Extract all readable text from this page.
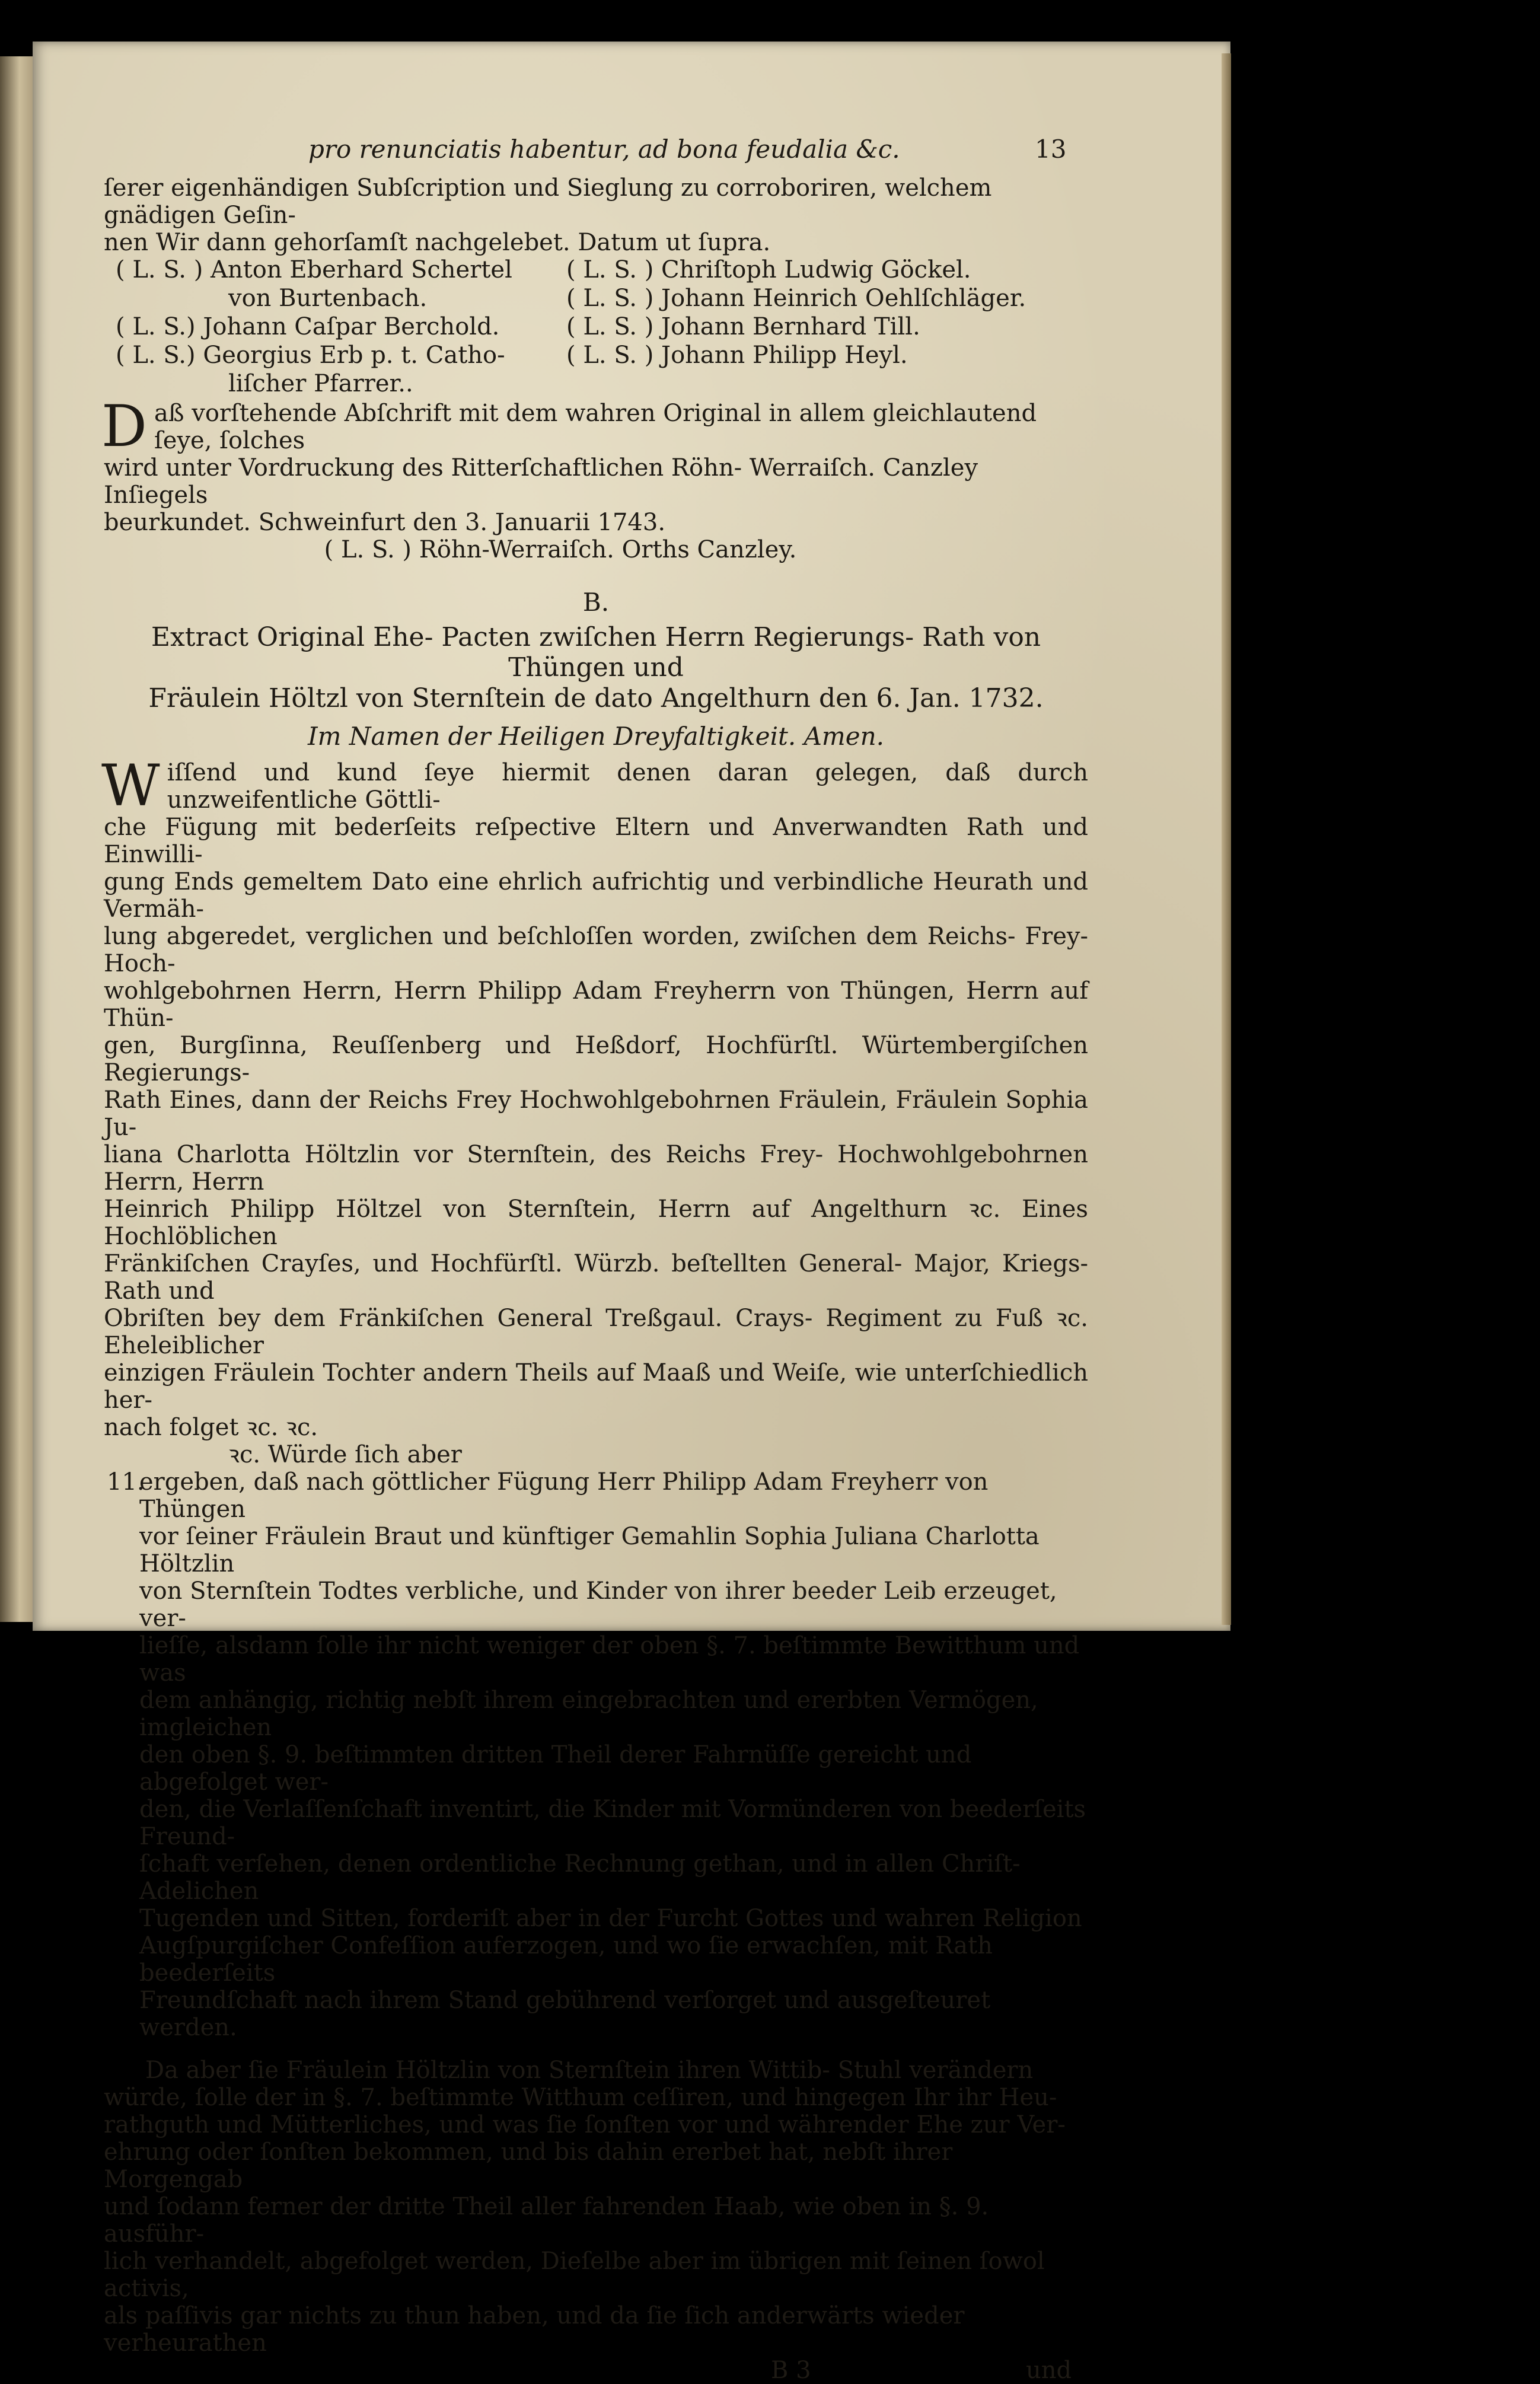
pro renunciatis habentur, ad bona feudalia &c.	13

ſerer eigenhändigen Subſcription und Sieglung zu corroboriren, welchem gnädigen Geſin-

nen Wir dann gehorſamſt nachgelebet. Datum ut ſupra.

( L. S. ) Anton Eberhard Schertel	( L. S. ) Chriſtoph Ludwig Göckel.
von Burtenbach.	( L. S. ) Johann Heinrich Oehlſchläger.
( L. S.) Johann Caſpar Berchold.	( L. S. ) Johann Bernhard Till.
( L. S.) Georgius Erb p. t. Catho-	( L. S. ) Johann Philipp Heyl.
liſcher Pfarrer..
D aß vorſtehende Abſchrift mit dem wahren Original in allem gleichlautend ſeye, ſolches

wird unter Vordruckung des Ritterſchaftlichen Röhn- Werraiſch. Canzley Inſiegels

beurkundet. Schweinfurt den 3. Januarii 1743.

( L. S. ) Röhn-Werraiſch. Orths Canzley.

B.

Extract Original Ehe- Pacten zwiſchen Herrn Regierungs- Rath von Thüngen und

Fräulein Höltzl von Sternſtein de dato Angelthurn den 6. Jan. 1732.

Im Namen der Heiligen Dreyfaltigkeit. Amen.

W iſſend und kund ſeye hiermit denen daran gelegen, daß durch unzweifentliche Göttli-

che Fügung mit bederſeits reſpective Eltern und Anverwandten Rath und Einwilli-

gung Ends gemeltem Dato eine ehrlich aufrichtig und verbindliche Heurath und Vermäh-

lung abgeredet, verglichen und beſchloſſen worden, zwiſchen dem Reichs- Frey- Hoch-

wohlgebohrnen Herrn, Herrn Philipp Adam Freyherrn von Thüngen, Herrn auf Thün-

gen, Burgſinna, Reuſſenberg und Heßdorf, Hochfürſtl. Würtembergiſchen Regierungs-

Rath Eines, dann der Reichs Frey Hochwohlgebohrnen Fräulein, Fräulein Sophia Ju-

liana Charlotta Höltzlin vor Sternſtein, des Reichs Frey- Hochwohlgebohrnen Herrn, Herrn

Heinrich Philipp Höltzel von Sternſtein, Herrn auf Angelthurn ꝛc. Eines Hochlöblichen

Fränkiſchen Crayſes, und Hochfürſtl. Würzb. beſtellten General- Major, Kriegs- Rath und

Obriſten bey dem Fränkiſchen General Treßgaul. Crays- Regiment zu Fuß ꝛc. Eheleiblicher

einzigen Fräulein Tochter andern Theils auf Maaß und Weiſe, wie unterſchiedlich her-

nach folget ꝛc. ꝛc.

ꝛc. Würde ſich aber

11.ergeben, daß nach göttlicher Fügung Herr Philipp Adam Freyherr von Thüngen

vor ſeiner Fräulein Braut und künftiger Gemahlin Sophia Juliana Charlotta Höltzlin

von Sternſtein Todtes verbliche, und Kinder von ihrer beeder Leib erzeuget, ver-

lieſſe, alsdann ſolle ihr nicht weniger der oben §. 7. beſtimmte Bewitthum und was

dem anhängig, richtig nebſt ihrem eingebrachten und ererbten Vermögen, imgleichen

den oben §. 9. beſtimmten dritten Theil derer Fahrnüſſe gereicht und abgefolget wer-

den, die Verlaſſenſchaft inventirt, die Kinder mit Vormünderen von beederſeits Freund-

ſchaft verſehen, denen ordentliche Rechnung gethan, und in allen Chriſt- Adelichen

Tugenden und Sitten, forderiſt aber in der Furcht Gottes und wahren Religion

Augſpurgiſcher Confeſſion auferzogen, und wo ſie erwachſen, mit Rath beederſeits

Freundſchaft nach ihrem Stand gebührend verſorget und ausgeſteuret werden.

Da aber ſie Fräulein Höltzlin von Sternſtein ihren Wittib- Stuhl verändern

würde, ſolle der in §. 7. beſtimmte Witthum ceſſiren, und hingegen Ihr ihr Heu-

rathguth und Mütterliches, und was ſie ſonſten vor und währender Ehe zur Ver-

ehrung oder ſonſten bekommen, und bis dahin ererbet hat, nebſt ihrer Morgengab

und ſodann ferner der dritte Theil aller fahrenden Haab, wie oben in §. 9. ausführ-

lich verhandelt, abgefolget werden, Dieſelbe aber im übrigen mit ſeinen ſowol activis,

als paſſivis gar nichts zu thun haben, und da ſie ſich anderwärts wieder verheurathen

B 3	und
